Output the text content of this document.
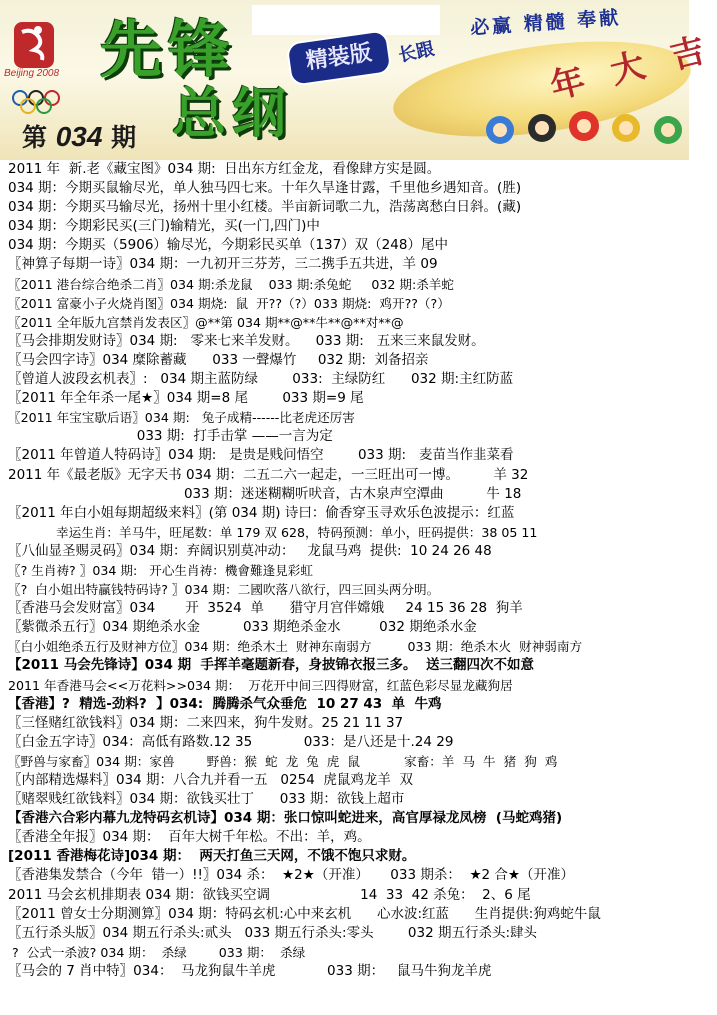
Beijing 2008 先锋
总纲
精装版
第 034 期
必赢 精髓 奉献
长跟	年 大 吉
2011 年  新.老《藏宝图》034 期:  日出东方红金龙，看像肆方实是圆。
034 期：今期买鼠输尽光，单人独马四七来。十年久旱逢甘露，千里他乡遇知音。(胜)
034 期：今期买马输尽光，扬州十里小红楼。半亩新词歌二九，浩荡离愁白日斜。(藏)
034 期：今期彩民买(三门)输精光，买(一门,四门)中
034 期：今期买（5906）输尽光，今期彩民买单（137）双（248）尾中
〖神算子每期一诗〗034 期：一九初开三芬芳，三二携手五共进，羊 09
〖2011 港台综合绝杀二肖〗034 期:杀龙鼠    033 期:杀兔蛇     032 期:杀羊蛇
〖2011 富豪小子火烧肖图〗034 期烧:  鼠  开??（?）033 期烧:  鸡开??（?）
〖2011 全年版九宫禁肖发表区〗@**第 034 期**@**牛**@**对**@
〖马会排期发财诗〗034 期:   零来七来羊发财。    033 期:   五来三来鼠发财。
〖马会四字诗〗034 糜除蓄藏      033 一聲爆竹     032 期:  刘备招亲
〖曾道人波段玄机表〗:   034 期主蓝防绿        033:  主绿防红      032 期:主红防蓝
〖2011 年全年杀一尾★〗034 期=8 尾        033 期=9 尾
〖2011 年宝宝歇后语〗034 期:   兔子成精------比老虎还厉害
033 期:  打手击掌 ——一言为定
〖2011 年曾道人特码诗〗034 期:   是贵是贱问悟空        033 期:   麦苗当作韭菜看
2011 年《最老版》无字天书 034 期：二五二六一起走，一三旺出可一博。        羊 32
033 期：迷迷糊糊听吠音，古木泉声空潭曲          牛 18
〖2011 年白小姐每期超级来料〗(第 034 期) 诗曰：偷香穿玉寻欢乐色波提示：红蓝
幸运生肖：羊马牛，旺尾数：单 179 双 628，特码预测：单小，旺码提供：38 05 11
〖八仙显圣赐灵码〗034 期：弃阔识别莫冲动：   龙鼠马鸡  提供:  10 24 26 48
〖? 生肖祷? 〗034 期:   开心生肖祷：機會難逢見彩虹
〖?  白小姐出特贏钱特码诗? 〗034 期：二國吹落八欲行，四三回头两分明。
〖香港马会发财富〗034       开  3524  单      猎守月宫伴嫦娥     24 15 36 28  狗羊
〖紫微杀五行〗034 期绝杀水金          033 期绝杀金水         032 期绝杀水金
〖白小姐绝杀五行及财神方位〗034 期：绝杀木土  财神东南弱方         033 期：绝杀木火  财神弱南方
【2011 马会先锋诗】034 期  手挥羊毫题新春，身披锦衣报三多。  送三翻四次不如意
2011 年香港马会<<万花料>>034 期：  万花开中间三四得财富，红蓝色彩尽显龙藏狗居
【香港】?  精选-劲料?  】034:  腾腾杀气众垂危  10 27 43  单  牛鸡
〖三怪赌红欲钱料〗034 期：二来四来，狗牛发财。25 21 11 37
〖白金五字诗〗034：高低有路数.12 35            033：是八还是十.24 29
〖野兽与家畜〗034 期：家兽        野兽：猴  蛇  龙  兔  虎  鼠           家畜：羊  马  牛  猪  狗  鸡
〖内部精选爆料〗034 期：八合九并看一五   0254  虎鼠鸡龙羊  双
〖赌翠贱红欲钱料〗034 期：欲钱买壮丁      033 期：欲钱上超市
【香港六合彩内幕九龙特码玄机诗】034 期：张口惊叫蛇进来，高官厚禄龙凤榜  (马蛇鸡猪)
〖香港全年报〗034 期：  百年大树千年松。不出：羊，鸡。
[2011 香港梅花诗]034 期：  两天打鱼三天网，不饿不饱只求财。
〖香港集发禁合（今年  错一）!!〗034 杀：  ★2★（开准）     033 期杀：  ★2 合★（开准）
2011 马会玄机排期表 034 期：欲钱买空调                     14  33  42 杀兔：  2、6 尾
〖2011 曾女士分期测算〗034 期：特码玄机:心中来玄机      心水波:红蓝      生肖提供:狗鸡蛇牛鼠
〖五行杀头版〗034 期五行杀头:贰头   033 期五行杀头:零头        032 期五行杀头:肆头
?  公式一杀波? 034 期：  杀绿        033 期：  杀绿
〖马会的 7 肖中特〗034：  马龙狗鼠牛羊虎            033 期：   鼠马牛狗龙羊虎
